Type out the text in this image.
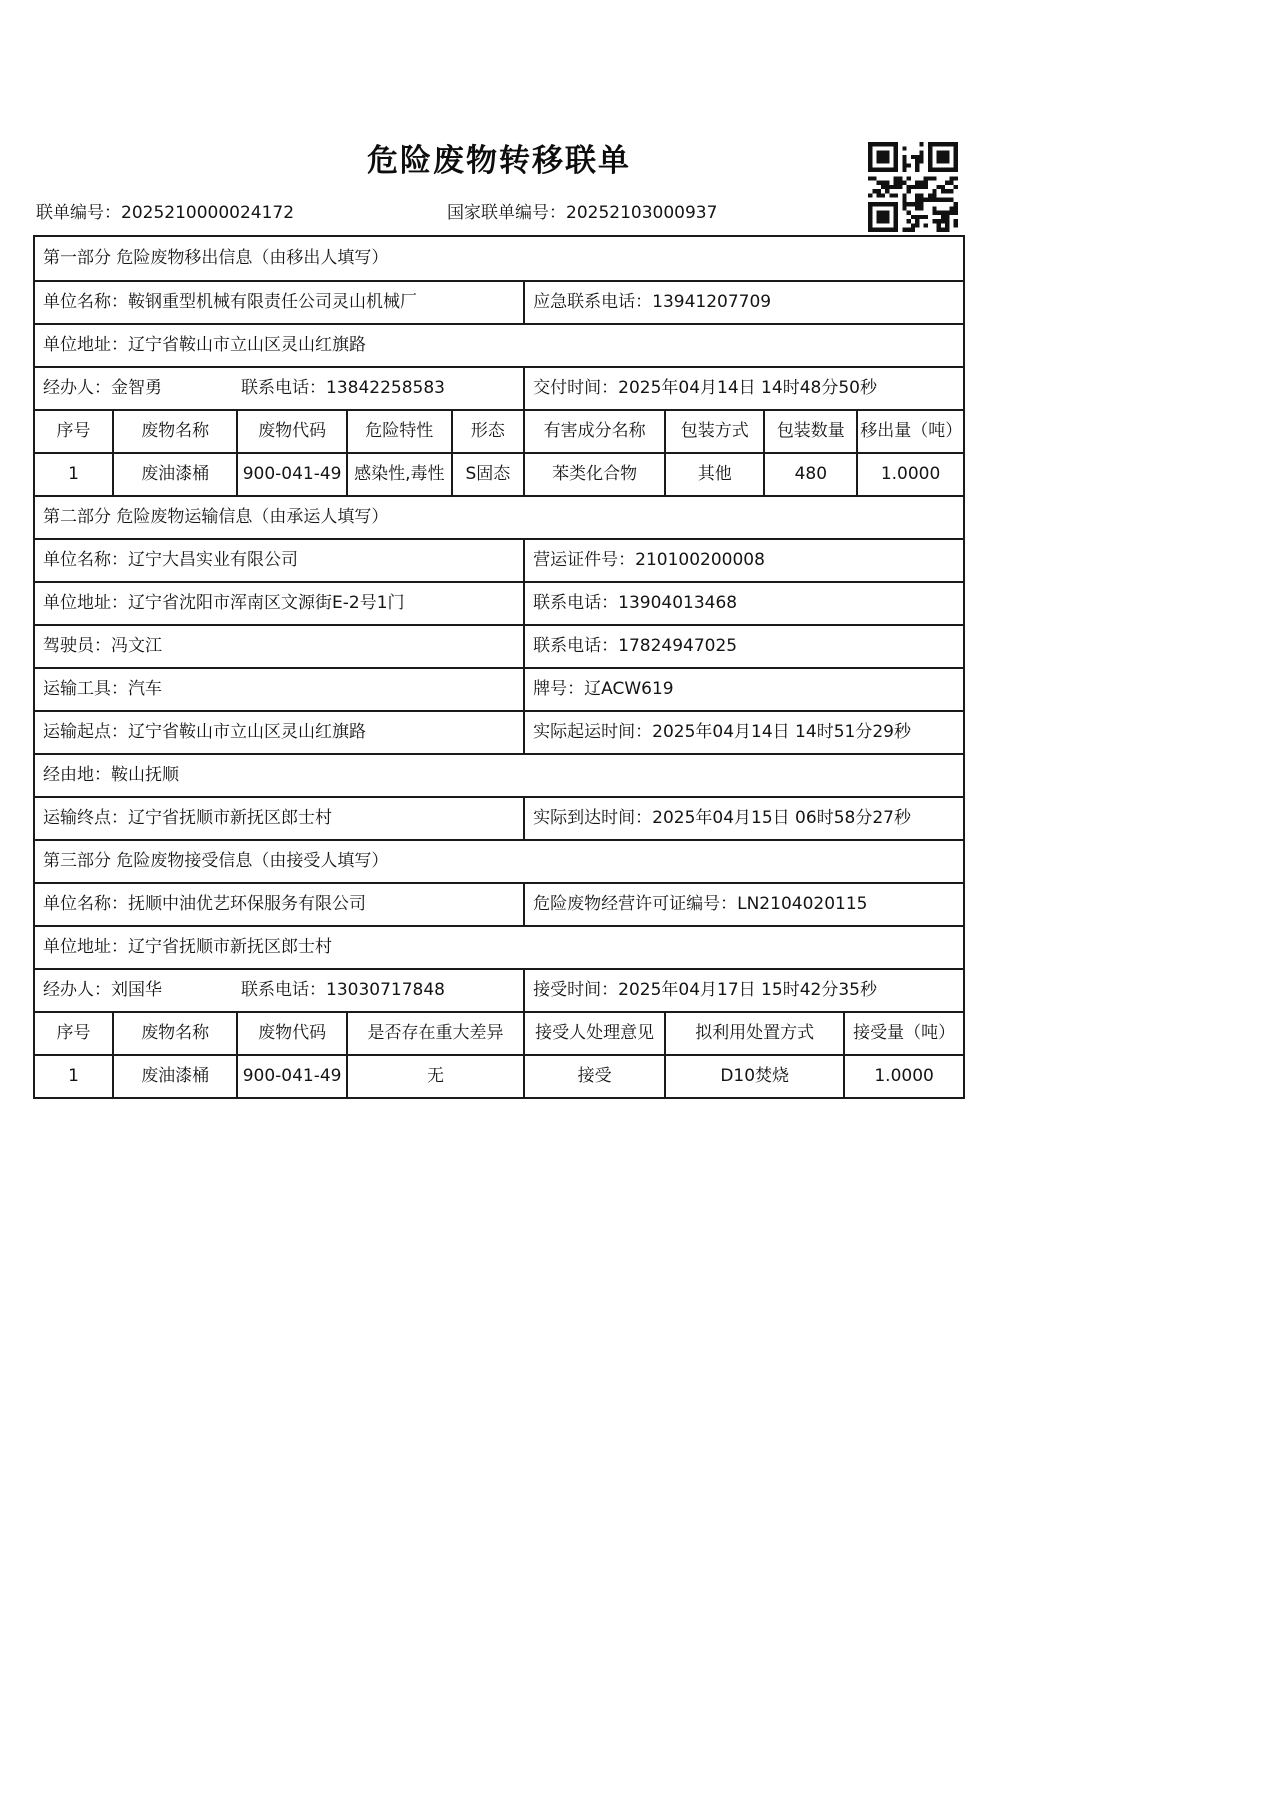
危险废物转移联单
联单编号：2025210000024172	国家联单编号：20252103000937
第一部分 危险废物移出信息（由移出人填写）
单位名称：鞍钢重型机械有限责任公司灵山机械厂	应急联系电话：13941207709
单位地址：辽宁省鞍山市立山区灵山红旗路
经办人：金智勇	联系电话：13842258583	交付时间：2025年04月14日 14时48分50秒
序号	废物名称	废物代码	危险特性	形态	有害成分名称	包装方式	包装数量 移出量（吨）
1	废油漆桶	900-041-49 感染性,毒性	S固态	苯类化合物	其他	480	1.0000
第二部分 危险废物运输信息（由承运人填写）
单位名称：辽宁大昌实业有限公司	营运证件号：210100200008
单位地址：辽宁省沈阳市浑南区文源街E-2号1门	联系电话：13904013468
驾驶员：冯文江	联系电话：17824947025
运输工具：汽车	牌号：辽ACW619
运输起点：辽宁省鞍山市立山区灵山红旗路	实际起运时间：2025年04月14日 14时51分29秒
经由地：鞍山抚顺
运输终点：辽宁省抚顺市新抚区郎士村	实际到达时间：2025年04月15日 06时58分27秒
第三部分 危险废物接受信息（由接受人填写）
单位名称：抚顺中油优艺环保服务有限公司	危险废物经营许可证编号：LN2104020115
单位地址：辽宁省抚顺市新抚区郎士村
经办人：刘国华	联系电话：13030717848	接受时间：2025年04月17日 15时42分35秒
序号	废物名称	废物代码	是否存在重大差异	接受人处理意见	拟利用处置方式	接受量（吨）
1	废油漆桶	900-041-49	无	接受	D10焚烧	1.0000
